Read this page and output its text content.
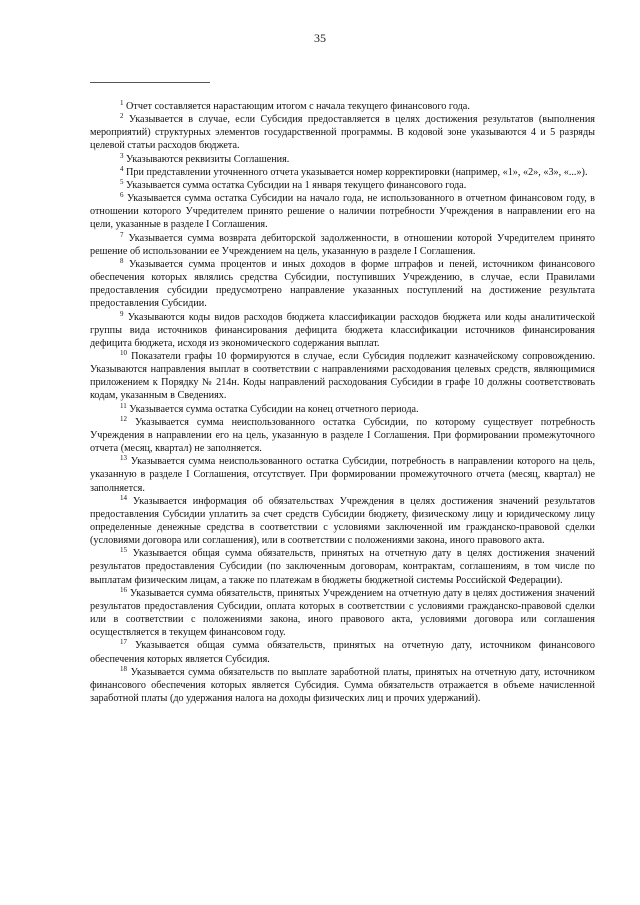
35

$^1$ Отчет составляется нарастающим итогом с начала текущего финансового года.

$^2$ Указывается в случае, если Субсидия предоставляется в целях достижения результатов (выполнения мероприятий) структурных элементов государственной программы. В кодовой зоне указываются 4 и 5 разряды целевой статьи расходов бюджета.

$^3$ Указываются реквизиты Соглашения.

$^4$ При представлении уточненного отчета указывается номер корректировки (например, «1», «2», «3», «...»).

$^5$ Указывается сумма остатка Субсидии на 1 января текущего финансового года.

$^6$ Указывается сумма остатка Субсидии на начало года, не использованного в отчетном финансовом году, в отношении которого Учредителем принято решение о наличии потребности Учреждения в направлении его на цели, указанные в разделе I Соглашения.

$^7$ Указывается сумма возврата дебиторской задолженности, в отношении которой Учредителем принято решение об использовании ее Учреждением на цель, указанную в разделе I Соглашения.

$^8$ Указывается сумма процентов и иных доходов в форме штрафов и пеней, источником финансового обеспечения которых являлись средства Субсидии, поступивших Учреждению, в случае, если Правилами предоставления субсидии предусмотрено направление указанных поступлений на достижение результата предоставления Субсидии.

$^9$ Указываются коды видов расходов бюджета классификации расходов бюджета или коды аналитической группы вида источников финансирования дефицита бюджета классификации источников финансирования дефицита бюджета, исходя из экономического содержания выплат.

$^{10}$ Показатели графы 10 формируются в случае, если Субсидия подлежит казначейскому сопровождению. Указываются направления выплат в соответствии с направлениями расходования целевых средств, являющимися приложением к Порядку № 214н. Коды направлений расходования Субсидии в графе 10 должны соответствовать кодам, указанным в Сведениях.

$^{11}$ Указывается сумма остатка Субсидии на конец отчетного периода.

$^{12}$ Указывается сумма неиспользованного остатка Субсидии, по которому существует потребность Учреждения в направлении его на цель, указанную в разделе I Соглашения. При формировании промежуточного отчета (месяц, квартал) не заполняется.

$^{13}$ Указывается сумма неиспользованного остатка Субсидии, потребность в направлении которого на цель, указанную в разделе I Соглашения, отсутствует. При формировании промежуточного отчета (месяц, квартал) не заполняется.

$^{14}$ Указывается информация об обязательствах Учреждения в целях достижения значений результатов предоставления Субсидии уплатить за счет средств Субсидии бюджету, физическому лицу и юридическому лицу определенные денежные средства в соответствии с условиями заключенной им гражданско-правовой сделки (условиями договора или соглашения), или в соответствии с положениями закона, иного правового акта.

$^{15}$ Указывается общая сумма обязательств, принятых на отчетную дату в целях достижения значений результатов предоставления Субсидии (по заключенным договорам, контрактам, соглашениям, в том числе по выплатам физическим лицам, а также по платежам в бюджеты бюджетной системы Российской Федерации).

$^{16}$ Указывается сумма обязательств, принятых Учреждением на отчетную дату в целях достижения значений результатов предоставления Субсидии, оплата которых в соответствии с условиями гражданско-правовой сделки или в соответствии с положениями закона, иного правового акта, условиями договора или соглашения осуществляется в текущем финансовом году.

$^{17}$ Указывается общая сумма обязательств, принятых на отчетную дату, источником финансового обеспечения которых является Субсидия.

$^{18}$ Указывается сумма обязательств по выплате заработной платы, принятых на отчетную дату, источником финансового обеспечения которых является Субсидия. Сумма обязательств отражается в объеме начисленной заработной платы (до удержания налога на доходы физических лиц и прочих удержаний).
